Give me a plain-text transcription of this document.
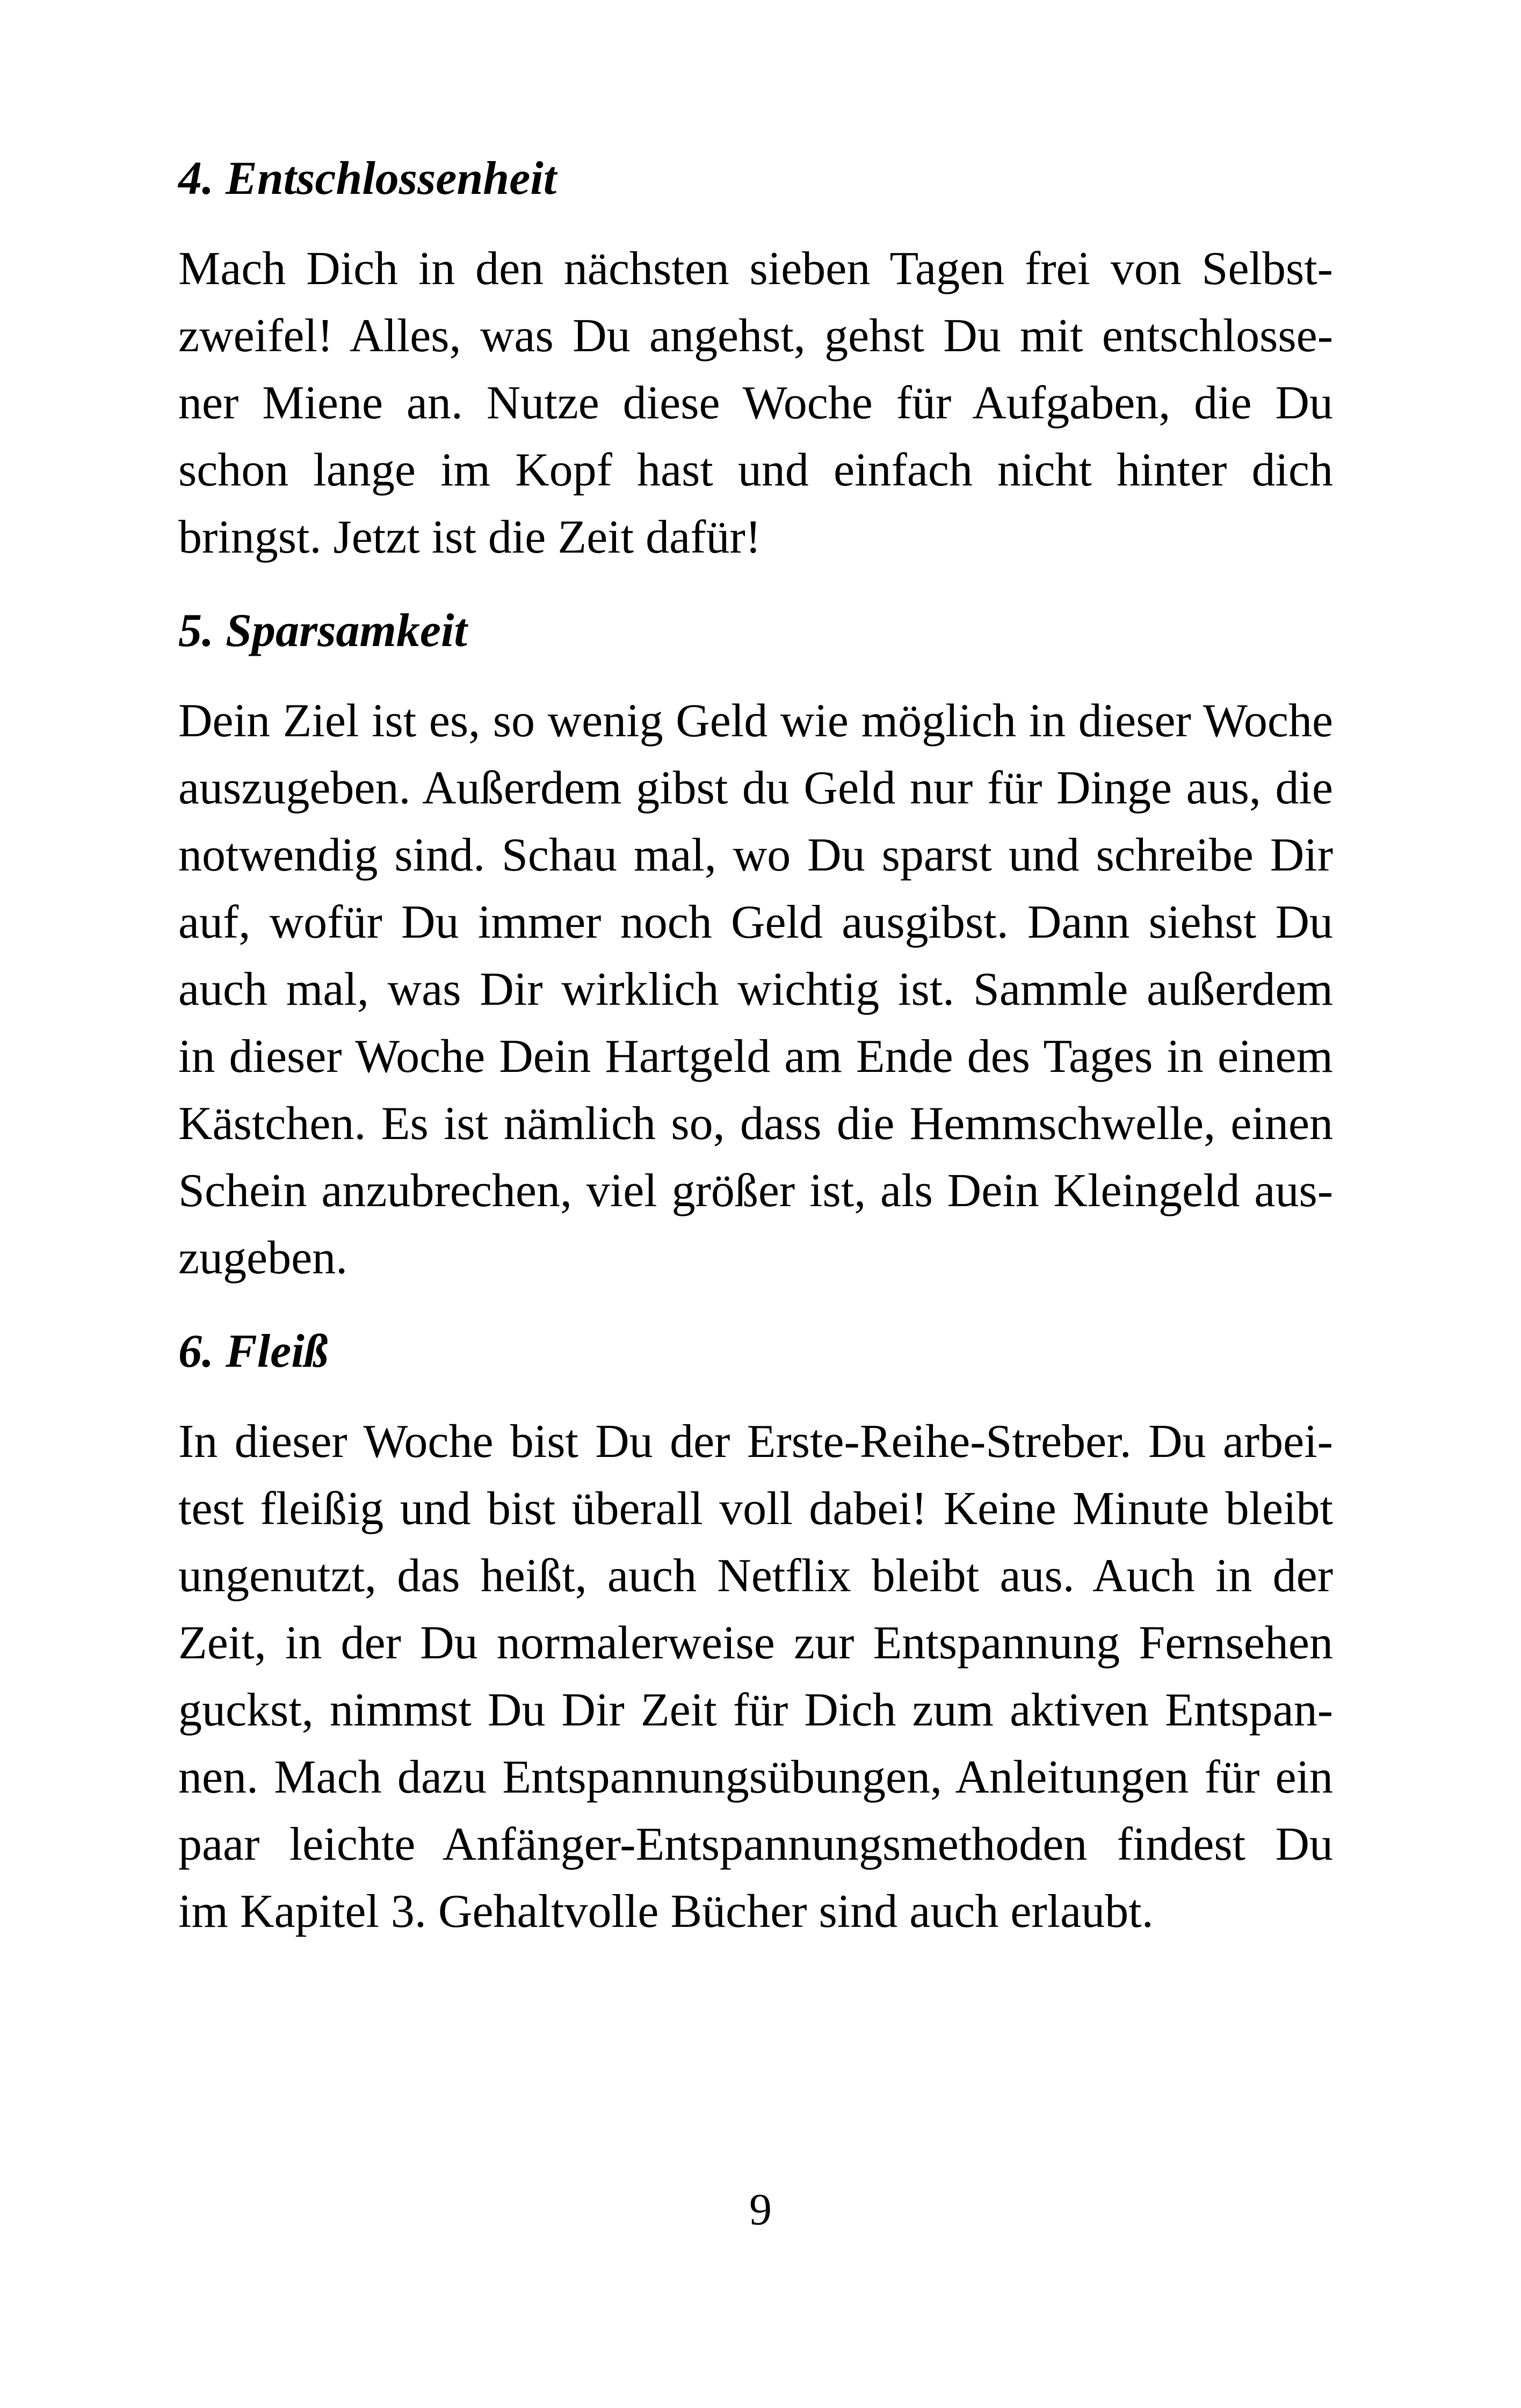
4. Entschlossenheit

Mach Dich in den nächsten sieben Tagen frei von Selbst-
zweifel! Alles, was Du angehst, gehst Du mit entschlosse-
ner Miene an. Nutze diese Woche für Aufgaben, die Du
schon lange im Kopf hast und einfach nicht hinter dich
bringst. Jetzt ist die Zeit dafür!

5. Sparsamkeit

Dein Ziel ist es, so wenig Geld wie möglich in dieser Woche
auszugeben. Außerdem gibst du Geld nur für Dinge aus, die
notwendig sind. Schau mal, wo Du sparst und schreibe Dir
auf, wofür Du immer noch Geld ausgibst. Dann siehst Du
auch mal, was Dir wirklich wichtig ist. Sammle außerdem
in dieser Woche Dein Hartgeld am Ende des Tages in einem
Kästchen. Es ist nämlich so, dass die Hemmschwelle, einen
Schein anzubrechen, viel größer ist, als Dein Kleingeld aus-
zugeben.

6. Fleiß

In dieser Woche bist Du der Erste-Reihe-Streber. Du arbei-
test fleißig und bist überall voll dabei! Keine Minute bleibt
ungenutzt, das heißt, auch Netflix bleibt aus. Auch in der
Zeit, in der Du normalerweise zur Entspannung Fernsehen
guckst, nimmst Du Dir Zeit für Dich zum aktiven Entspan-
nen. Mach dazu Entspannungsübungen, Anleitungen für ein
paar leichte Anfänger-Entspannungsmethoden findest Du
im Kapitel 3. Gehaltvolle Bücher sind auch erlaubt.

9
